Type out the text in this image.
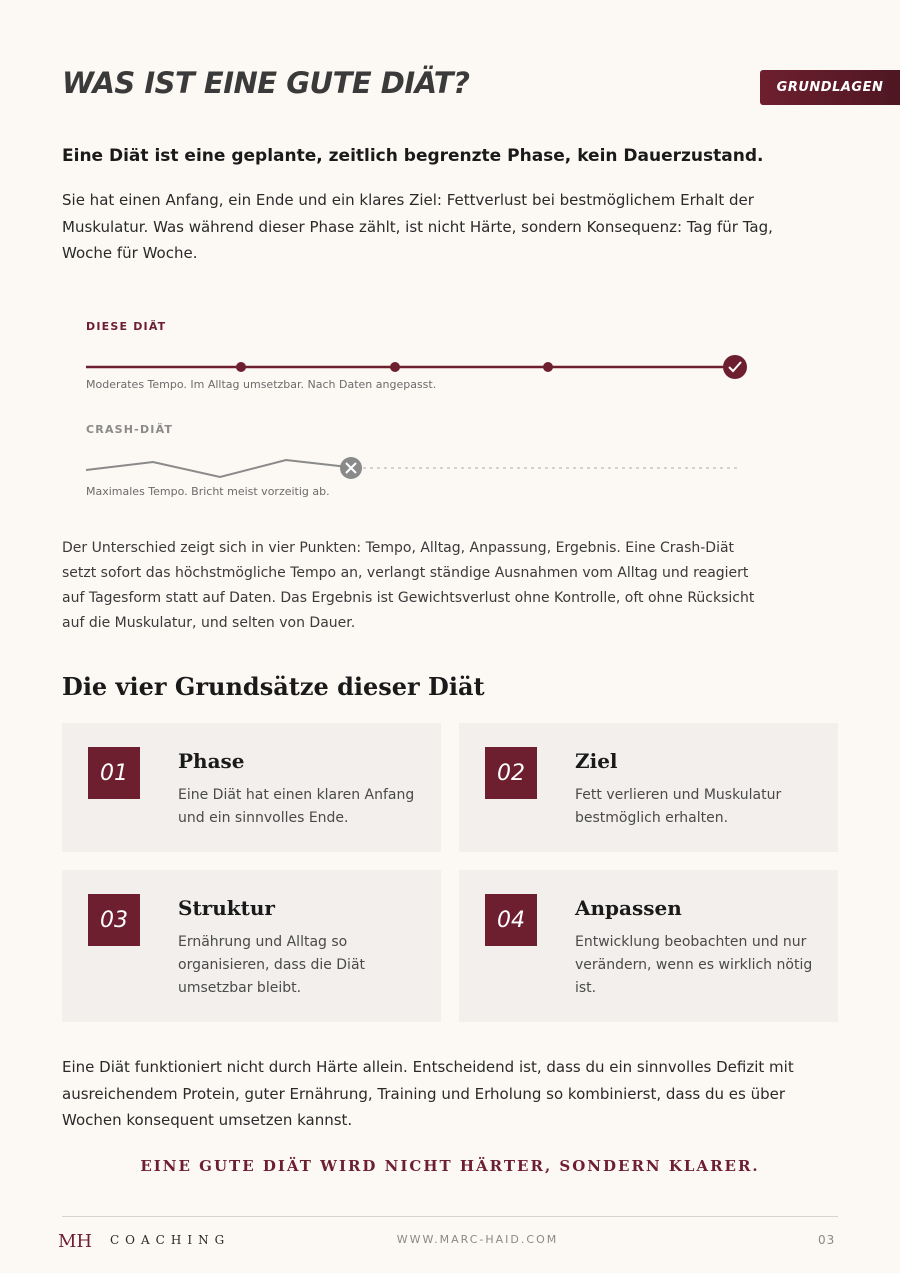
WAS IST EINE GUTE DIÄT?	GRUNDLAGEN

Eine Diät ist eine geplante, zeitlich begrenzte Phase, kein Dauerzustand.

Sie hat einen Anfang, ein Ende und ein klares Ziel: Fettverlust bei bestmöglichem Erhalt der Muskulatur. Was während dieser Phase zählt, ist nicht Härte, sondern Konsequenz: Tag für Tag, Woche für Woche.

DIESE DIÄT
Moderates Tempo. Im Alltag umsetzbar. Nach Daten angepasst.
CRASH-DIÄT
Maximales Tempo. Bricht meist vorzeitig ab.

Der Unterschied zeigt sich in vier Punkten: Tempo, Alltag, Anpassung, Ergebnis. Eine Crash-Diät setzt sofort das höchstmögliche Tempo an, verlangt ständige Ausnahmen vom Alltag und reagiert auf Tagesform statt auf Daten. Das Ergebnis ist Gewichtsverlust ohne Kontrolle, oft ohne Rücksicht auf die Muskulatur, und selten von Dauer.

Die vier Grundsätze dieser Diät
01	Phase

Eine Diät hat einen klaren Anfang und ein sinnvolles Ende.

02	Ziel

Fett verlieren und Muskulatur bestmöglich erhalten.

03	Struktur

Ernährung und Alltag so organisieren, dass die Diät umsetzbar bleibt.

04	Anpassen

Entwicklung beobachten und nur verändern, wenn es wirklich nötig ist.

Eine Diät funktioniert nicht durch Härte allein. Entscheidend ist, dass du ein sinnvolles Defizit mit ausreichendem Protein, guter Ernährung, Training und Erholung so kombinierst, dass du es über Wochen konsequent umsetzen kannst.

EINE GUTE DIÄT WIRD NICHT HÄRTER, SONDERN KLARER.

MH COACHING	WWW.MARC-HAID.COM	03
